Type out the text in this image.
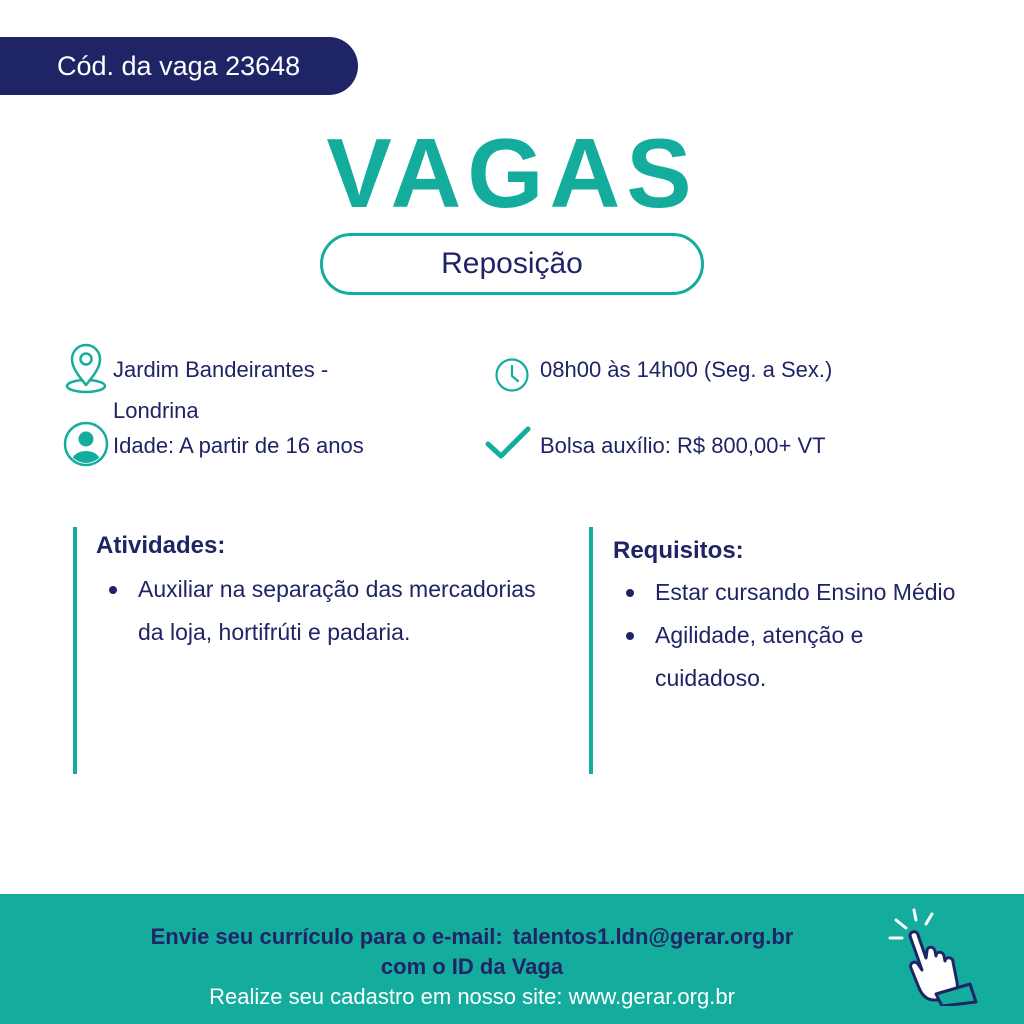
Cód. da vaga 23648
VAGAS
Reposição
Jardim Bandeirantes -
Londrina
08h00 às 14h00 (Seg. a Sex.)
Idade: A partir de 16 anos	Bolsa auxílio: R$ 800,00+ VT
Atividades:
Auxiliar na separação das mercadorias da loja, hortifrúti e padaria.
Requisitos:
Estar cursando Ensino Médio
Agilidade, atenção e cuidadoso.
Envie seu currículo para o e-mail: talentos1.ldn@gerar.org.br
com o ID da Vaga
Realize seu cadastro em nosso site: www.gerar.org.br
